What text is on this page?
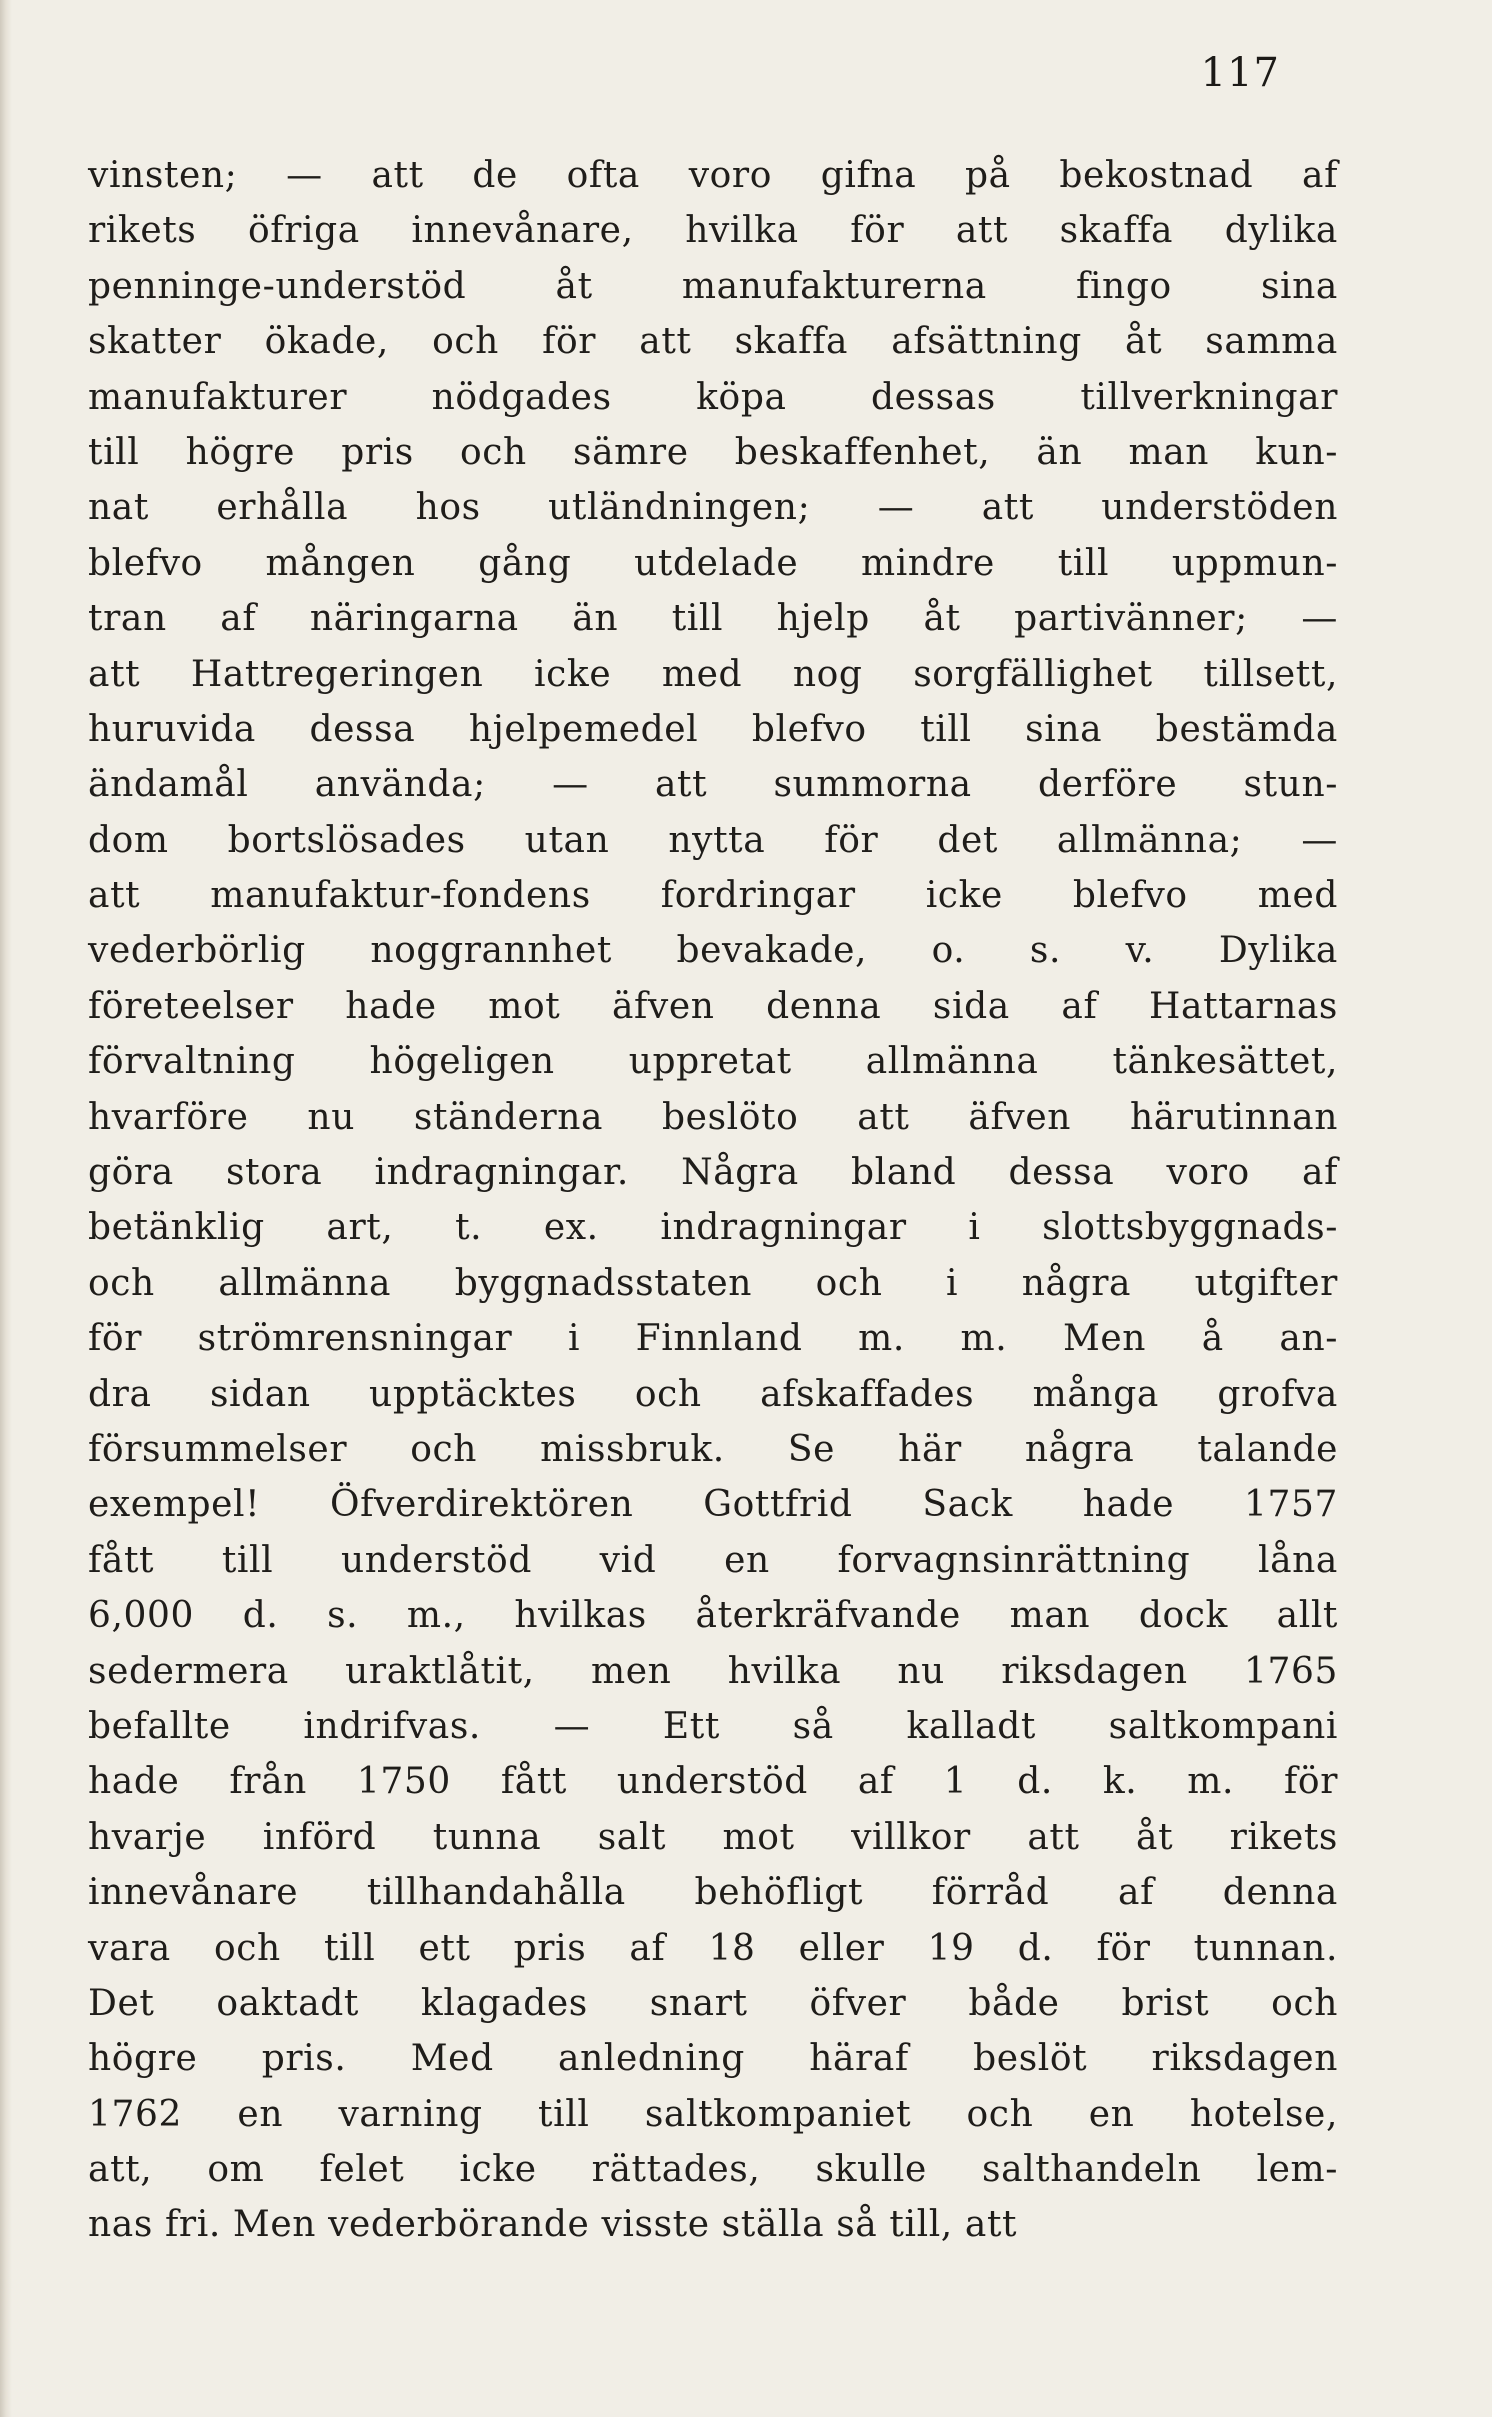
117
vinsten; — att de ofta voro gifna på bekostnad af
rikets öfriga innevånare, hvilka för att skaffa dylika
penninge-understöd åt manufakturerna fingo sina
skatter ökade, och för att skaffa afsättning åt samma
manufakturer nödgades köpa dessas tillverkningar
till högre pris och sämre beskaffenhet, än man kun-
nat erhålla hos utländningen; — att understöden
blefvo mången gång utdelade mindre till uppmun-
tran af näringarna än till hjelp åt partivänner; —
att Hattregeringen icke med nog sorgfällighet tillsett,
huruvida dessa hjelpemedel blefvo till sina bestämda
ändamål använda; — att summorna derföre stun-
dom bortslösades utan nytta för det allmänna; —
att manufaktur-fondens fordringar icke blefvo med
vederbörlig noggrannhet bevakade, o. s. v. Dylika
företeelser hade mot äfven denna sida af Hattarnas
förvaltning högeligen uppretat allmänna tänkesättet,
hvarföre nu ständerna beslöto att äfven härutinnan
göra stora indragningar. Några bland dessa voro af
betänklig art, t. ex. indragningar i slottsbyggnads-
och allmänna byggnadsstaten och i några utgifter
för strömrensningar i Finnland m. m. Men å an-
dra sidan upptäcktes och afskaffades många grofva
försummelser och missbruk. Se här några talande
exempel! Öfverdirektören Gottfrid Sack hade 1757
fått till understöd vid en forvagnsinrättning låna
6,000 d. s. m., hvilkas återkräfvande man dock allt
sedermera uraktlåtit, men hvilka nu riksdagen 1765
befallte indrifvas. — Ett så kalladt saltkompani
hade från 1750 fått understöd af 1 d. k. m. för
hvarje införd tunna salt mot villkor att åt rikets
innevånare tillhandahålla behöfligt förråd af denna
vara och till ett pris af 18 eller 19 d. för tunnan.
Det oaktadt klagades snart öfver både brist och
högre pris. Med anledning häraf beslöt riksdagen
1762 en varning till saltkompaniet och en hotelse,
att, om felet icke rättades, skulle salthandeln lem-
nas fri. Men vederbörande visste ställa så till, att
